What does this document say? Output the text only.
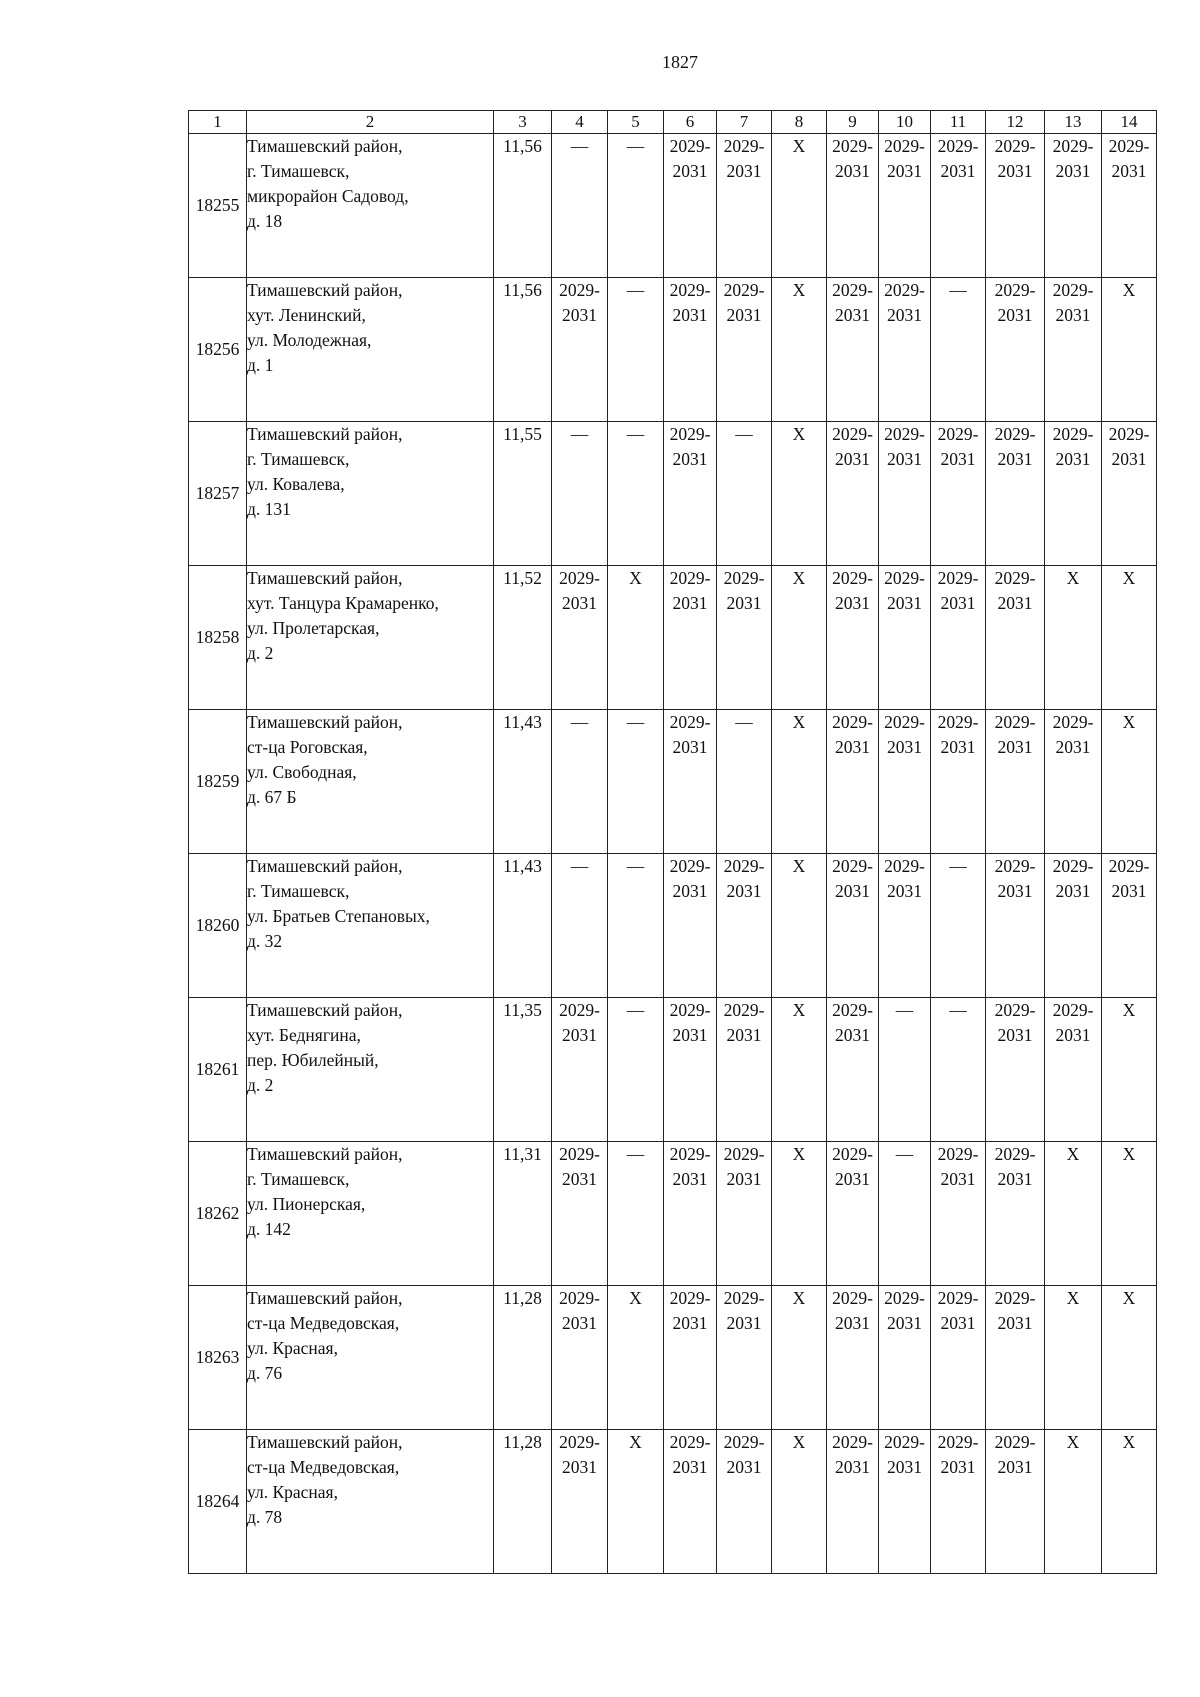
1827
1	2	3	4	5	6	7	8	9	10	11	12	13	14
18255	Тимашевский район,
г. Тимашевск,
микрорайон Садовод,
д. 18	11,56	—	—	2029-
2031	2029-
2031	X	2029-
2031	2029-
2031	2029-
2031	2029-
2031	2029-
2031	2029-
2031
18256	Тимашевский район,
хут. Ленинский,
ул. Молодежная,
д. 1	11,56	2029-
2031	—	2029-
2031	2029-
2031	X	2029-
2031	2029-
2031	—	2029-
2031	2029-
2031	X
18257	Тимашевский район,
г. Тимашевск,
ул. Ковалева,
д. 131	11,55	—	—	2029-
2031	—	X	2029-
2031	2029-
2031	2029-
2031	2029-
2031	2029-
2031	2029-
2031
18258	Тимашевский район,
хут. Танцура Крамаренко,
ул. Пролетарская,
д. 2	11,52	2029-
2031	X	2029-
2031	2029-
2031	X	2029-
2031	2029-
2031	2029-
2031	2029-
2031	X	X
18259	Тимашевский район,
ст-ца Роговская,
ул. Свободная,
д. 67 Б	11,43	—	—	2029-
2031	—	X	2029-
2031	2029-
2031	2029-
2031	2029-
2031	2029-
2031	X
18260	Тимашевский район,
г. Тимашевск,
ул. Братьев Степановых,
д. 32	11,43	—	—	2029-
2031	2029-
2031	X	2029-
2031	2029-
2031	—	2029-
2031	2029-
2031	2029-
2031
18261	Тимашевский район,
хут. Беднягина,
пер. Юбилейный,
д. 2	11,35	2029-
2031	—	2029-
2031	2029-
2031	X	2029-
2031	—	—	2029-
2031	2029-
2031	X
18262	Тимашевский район,
г. Тимашевск,
ул. Пионерская,
д. 142	11,31	2029-
2031	—	2029-
2031	2029-
2031	X	2029-
2031	—	2029-
2031	2029-
2031	X	X
18263	Тимашевский район,
ст-ца Медведовская,
ул. Красная,
д. 76	11,28	2029-
2031	X	2029-
2031	2029-
2031	X	2029-
2031	2029-
2031	2029-
2031	2029-
2031	X	X
18264	Тимашевский район,
ст-ца Медведовская,
ул. Красная,
д. 78	11,28	2029-
2031	X	2029-
2031	2029-
2031	X	2029-
2031	2029-
2031	2029-
2031	2029-
2031	X	X
